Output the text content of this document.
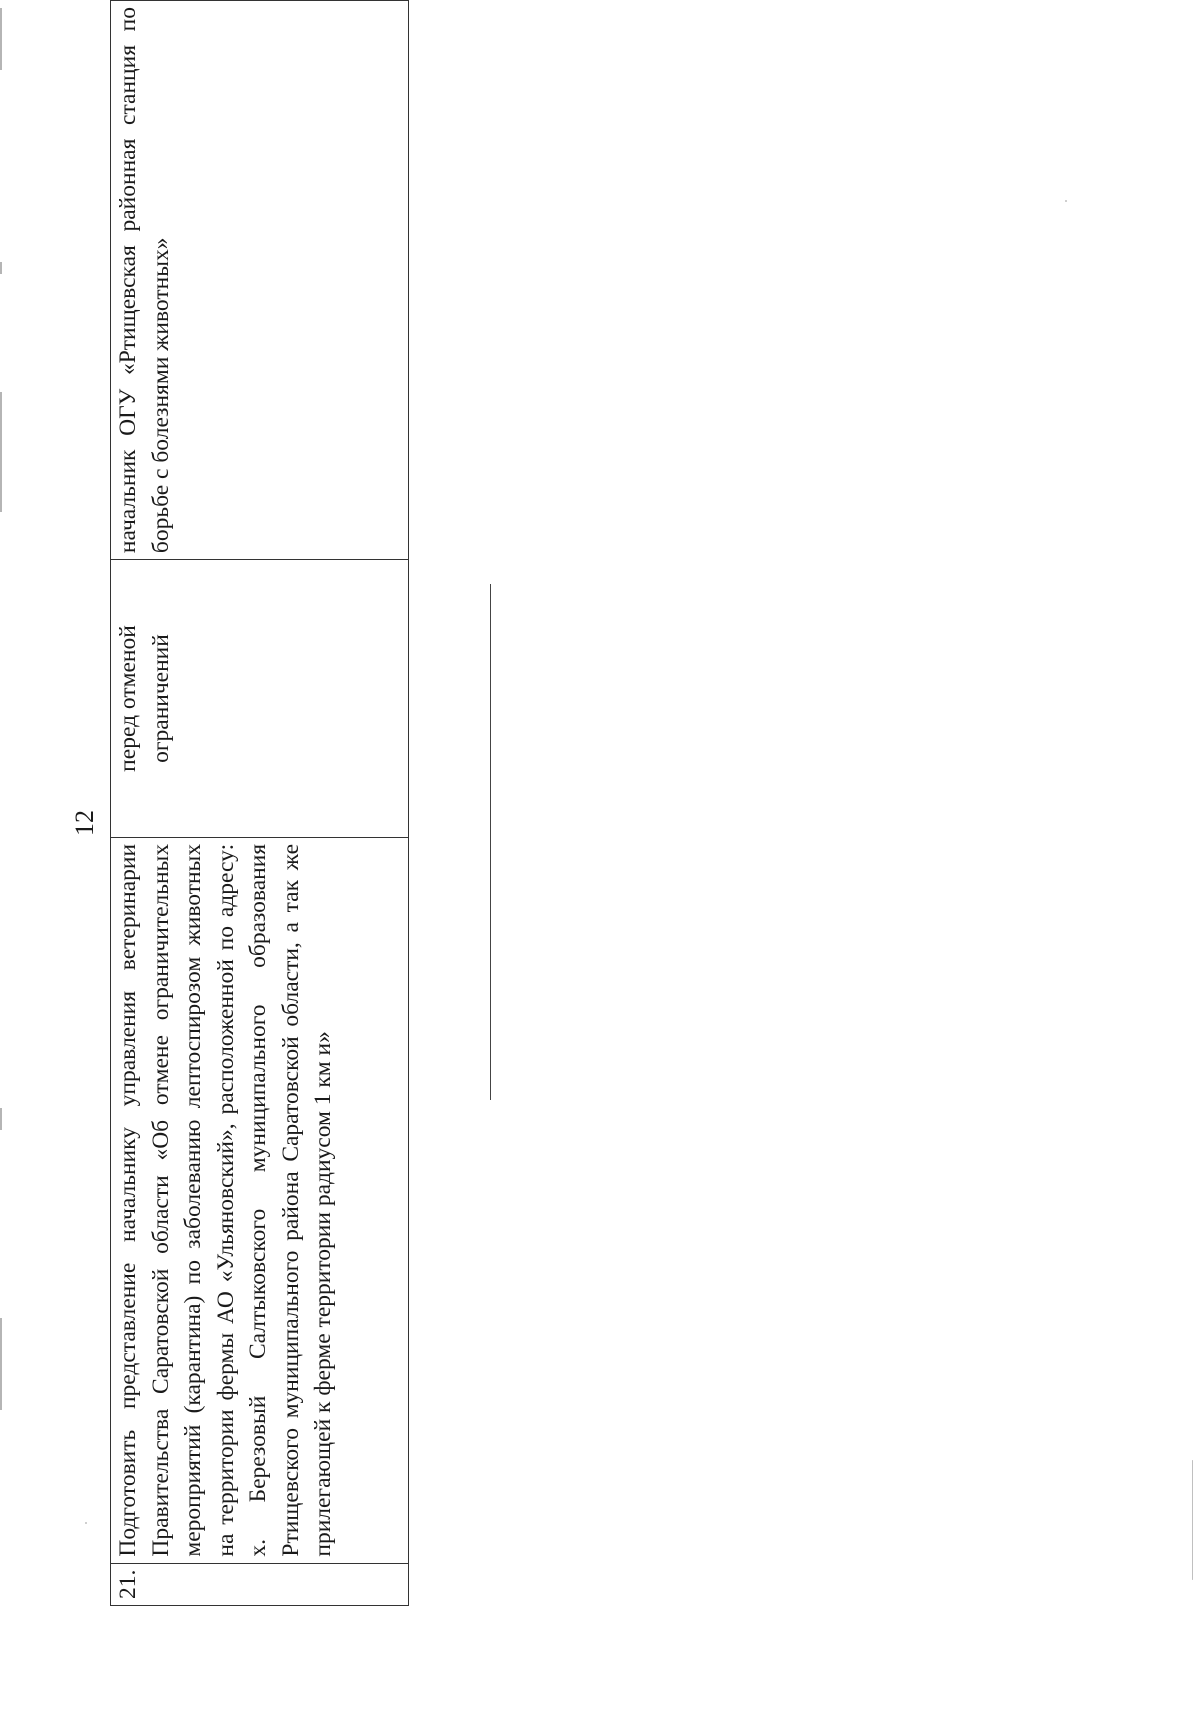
12
21.	Подготовить представление начальнику управления ветеринарии Правительства Саратовской области «Об отмене ограничительных мероприятий (карантина) по заболеванию лептоспирозом животных на территории фермы АО «Ульяновский», расположенной по адресу: х. Березовый Салтыковского муниципального образования Ртищевского муниципального района Саратовской области, а так же прилегающей к ферме территории радиусом 1 км и»	перед отменой ограничений	начальник ОГУ «Ртищевская районная станция по борьбе с болезнями животных»
